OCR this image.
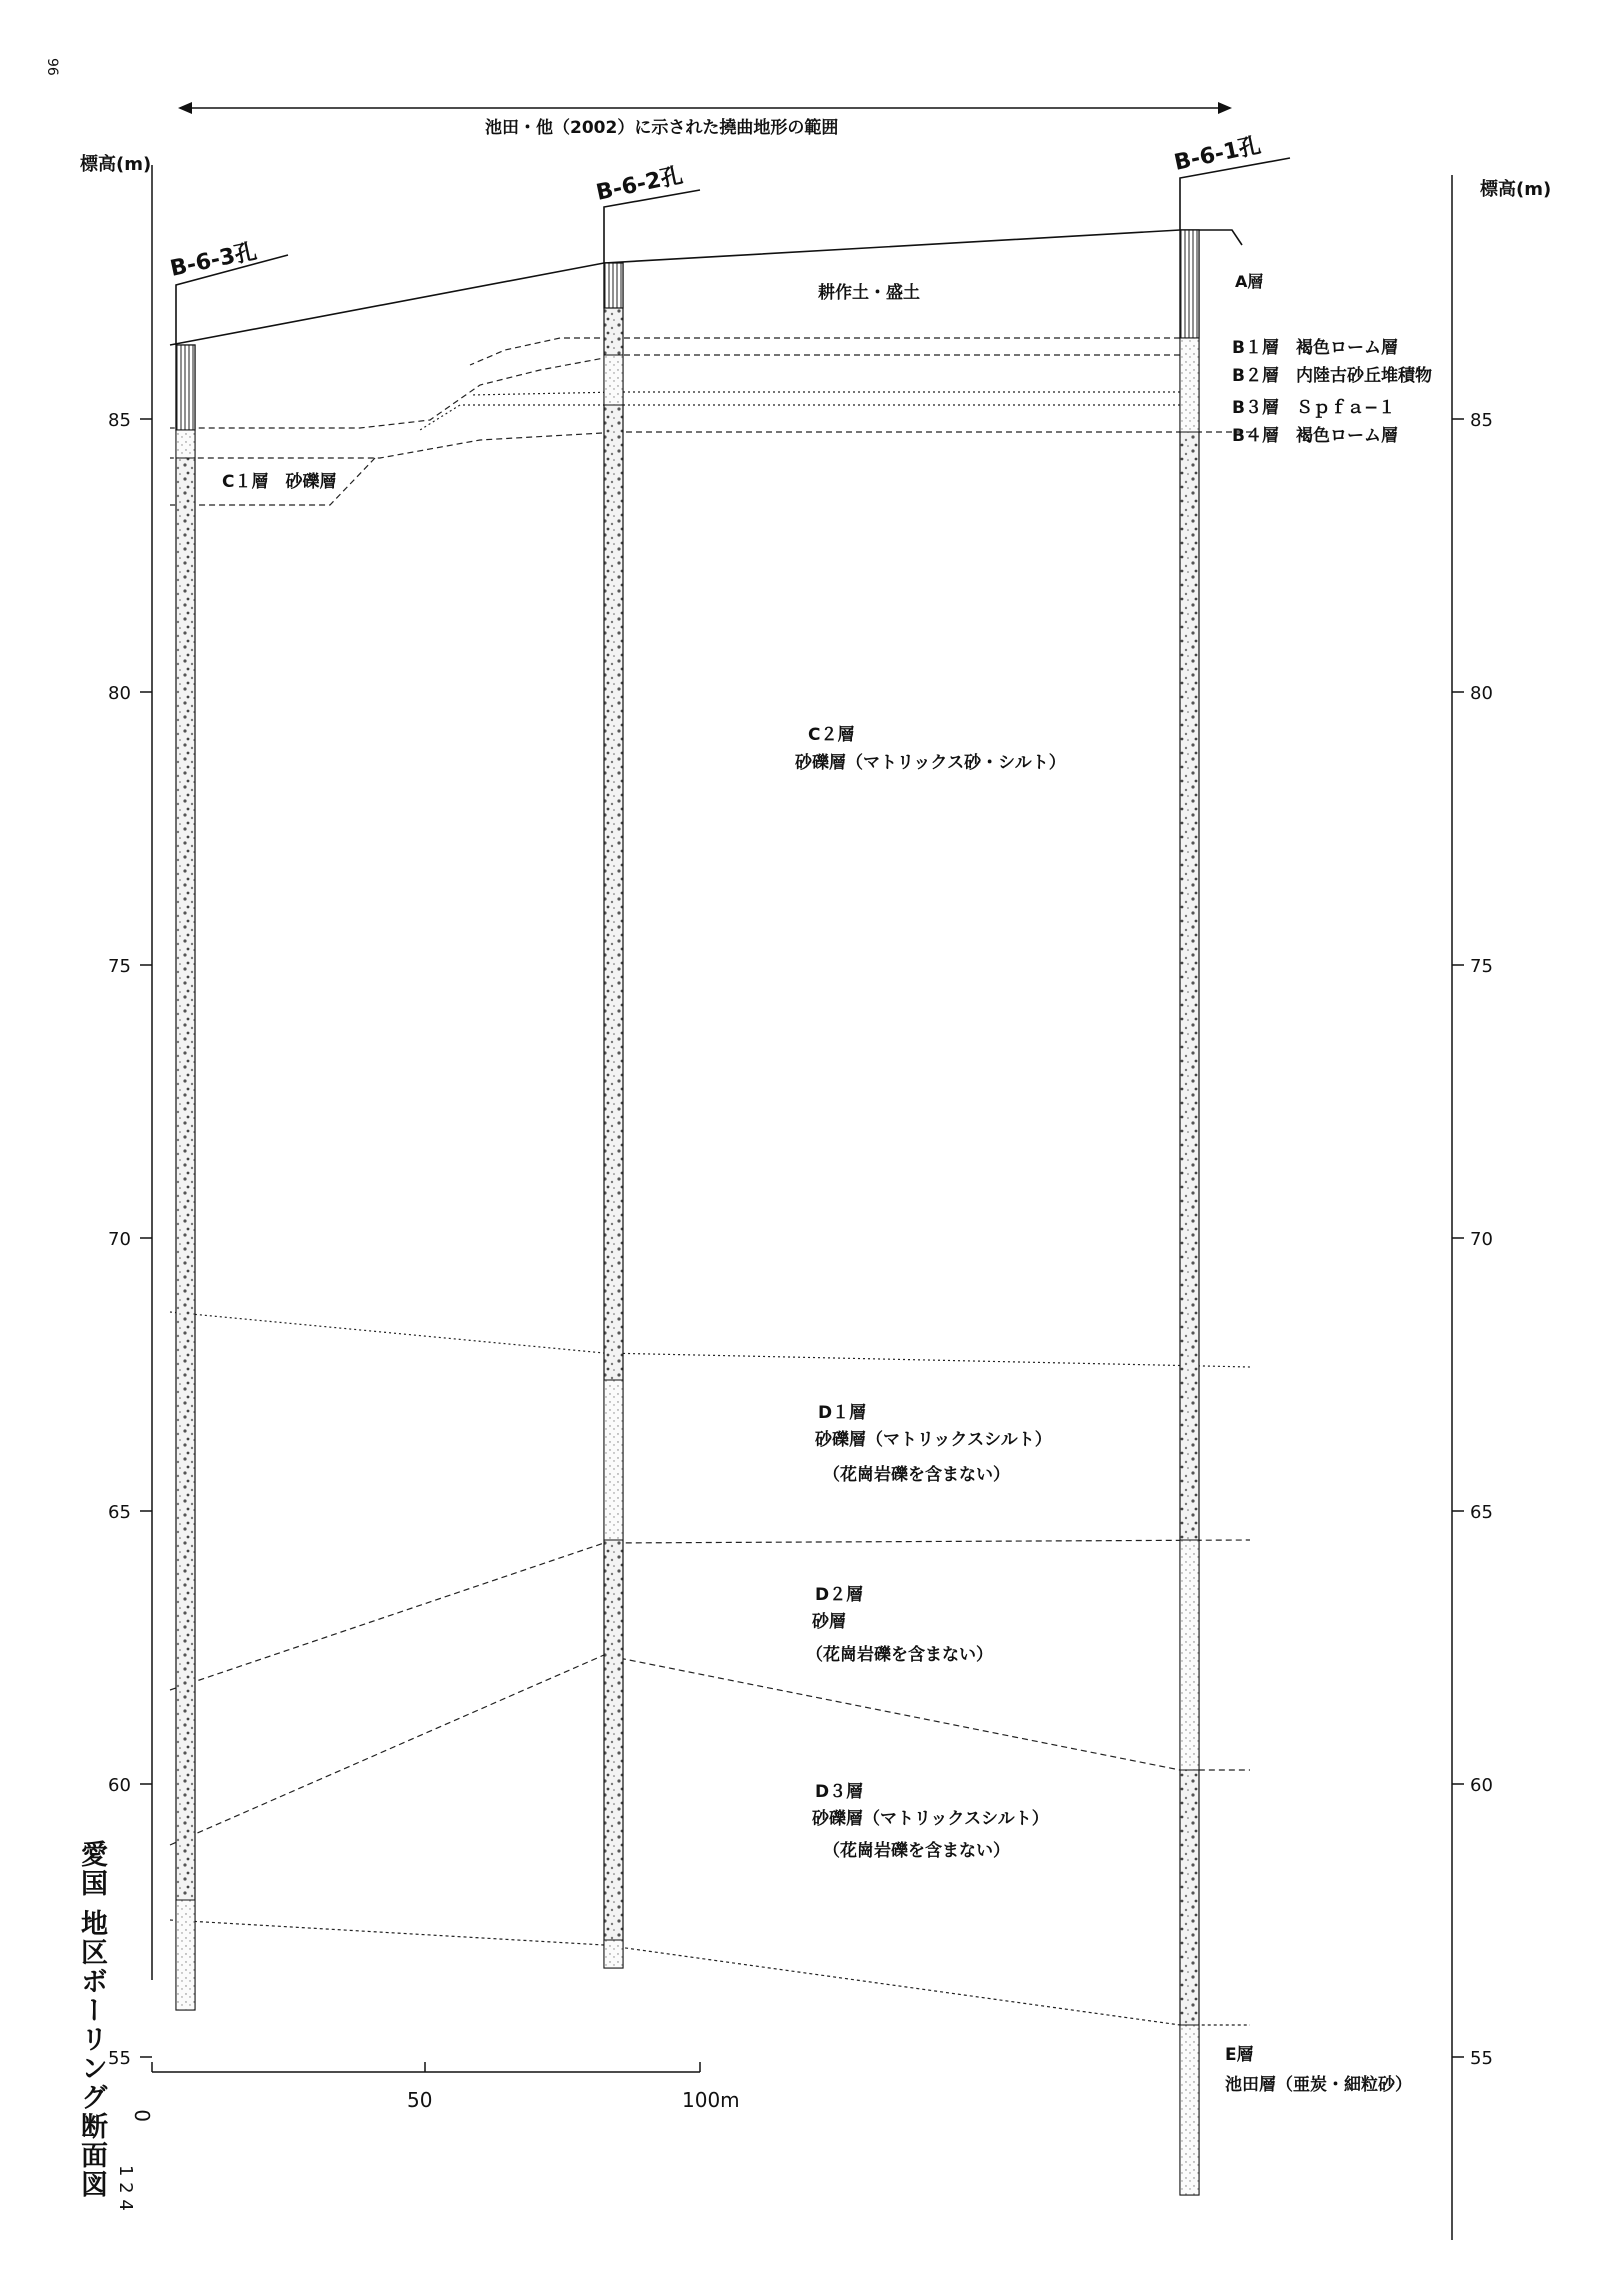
96
池田・他（2002）に示された撓曲地形の範囲
標高(m)
標高(m)
85
80
75
70
65
60
55
85
80
75
70
65
60
55
B-6-3孔
B-6-2孔
B-6-1孔
0
50	100m
耕作土・盛土
A層
B１層　褐色ローム層
B２層　内陸古砂丘堆積物
B３層　Ｓｐｆａ−１
B４層　褐色ローム層
C１層　砂礫層
C２層
砂礫層（マトリックス砂・シルト）
D１層
砂礫層（マトリックスシルト）
（花崗岩礫を含まない）
D２層
砂層
（花崗岩礫を含まない）
D３層
砂礫層（マトリックスシルト）
（花崗岩礫を含まない）
E層
池田層（亜炭・細粒砂）
1 2 4
愛国 地区ボーリング断面図
